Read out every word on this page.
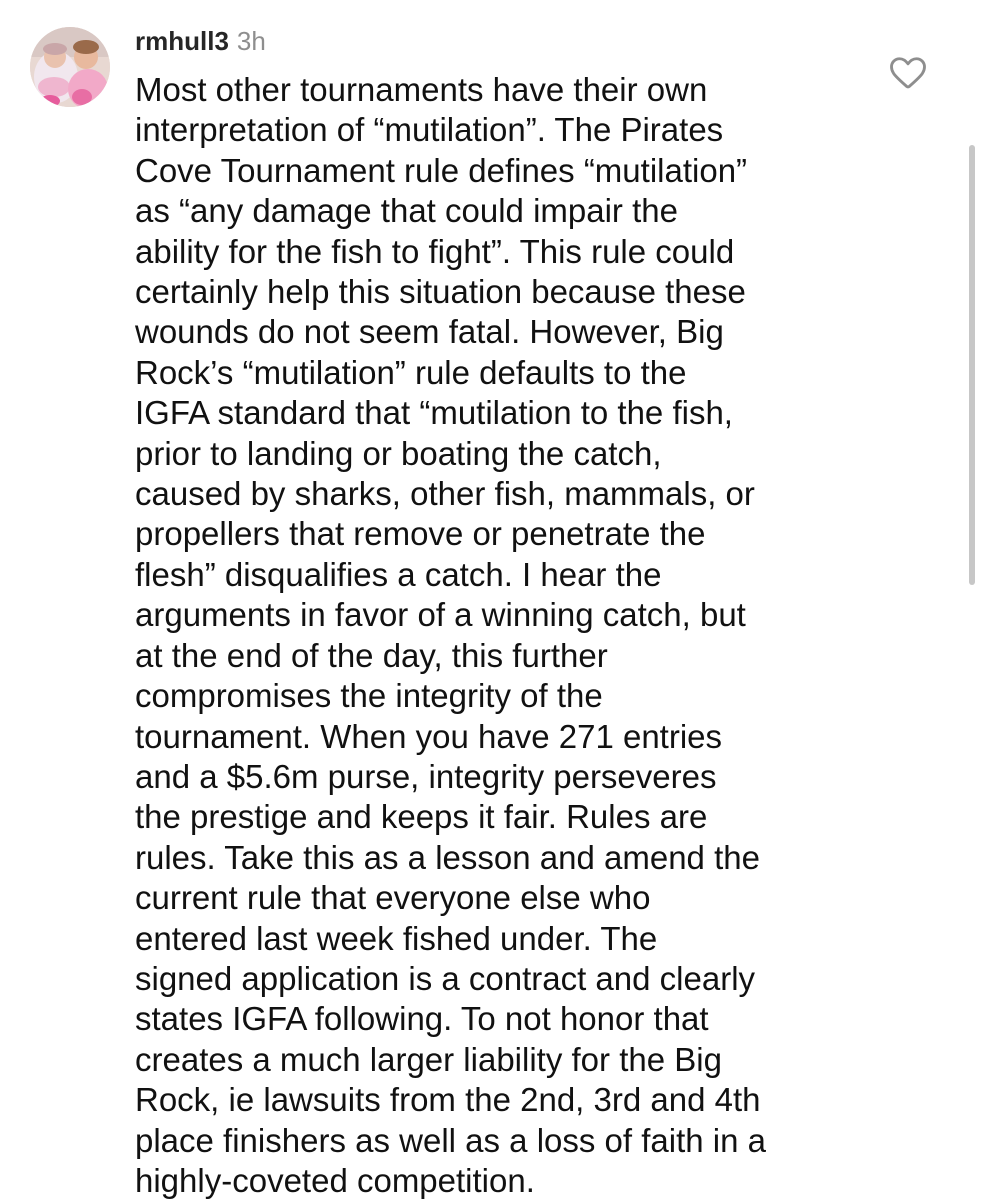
rmhull3 3h

Most other tournaments have their own
interpretation of “mutilation”. The Pirates
Cove Tournament rule defines “mutilation”
as “any damage that could impair the
ability for the fish to fight”. This rule could
certainly help this situation because these
wounds do not seem fatal. However, Big
Rock’s “mutilation” rule defaults to the
IGFA standard that “mutilation to the fish,
prior to landing or boating the catch,
caused by sharks, other fish, mammals, or
propellers that remove or penetrate the
flesh” disqualifies a catch. I hear the
arguments in favor of a winning catch, but
at the end of the day, this further
compromises the integrity of the
tournament. When you have 271 entries
and a $5.6m purse, integrity perseveres
the prestige and keeps it fair. Rules are
rules. Take this as a lesson and amend the
current rule that everyone else who
entered last week fished under. The
signed application is a contract and clearly
states IGFA following. To not honor that
creates a much larger liability for the Big
Rock, ie lawsuits from the 2nd, 3rd and 4th
place finishers as well as a loss of faith in a
highly-coveted competition.
